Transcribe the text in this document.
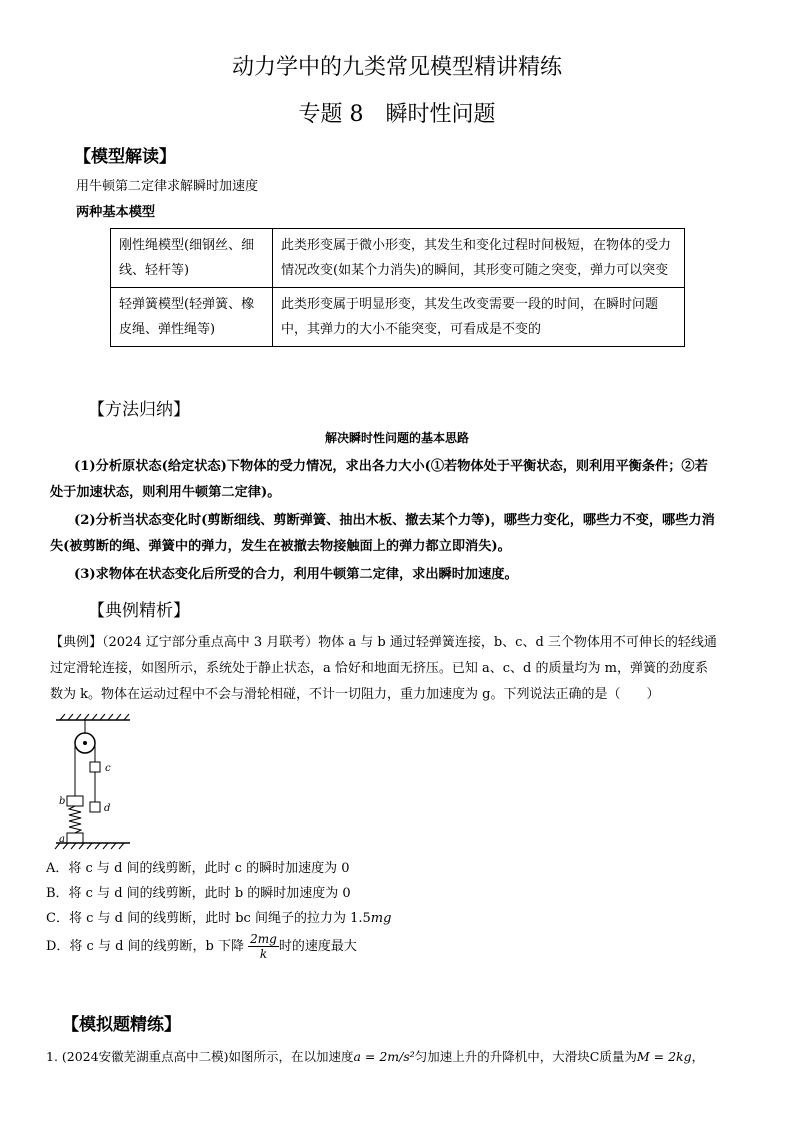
动力学中的九类常见模型精讲精练
专题 8　瞬时性问题
【模型解读】
用牛顿第二定律求解瞬时加速度
两种基本模型
刚性绳模型(细钢丝、细线、轻杆等)	此类形变属于微小形变，其发生和变化过程时间极短，在物体的受力情况改变(如某个力消失)的瞬间，其形变可随之突变，弹力可以突变
轻弹簧模型(轻弹簧、橡皮绳、弹性绳等)	此类形变属于明显形变，其发生改变需要一段的时间，在瞬时问题中，其弹力的大小不能突变，可看成是不变的
【方法归纳】
解决瞬时性问题的基本思路
(1)分析原状态(给定状态)下物体的受力情况，求出各力大小(①若物体处于平衡状态，则利用平衡条件；②若
处于加速状态，则利用牛顿第二定律)。
(2)分析当状态变化时(剪断细线、剪断弹簧、抽出木板、撤去某个力等)，哪些力变化，哪些力不变，哪些力消
失(被剪断的绳、弹簧中的弹力，发生在被撤去物接触面上的弹力都立即消失)。
(3)求物体在状态变化后所受的合力，利用牛顿第二定律，求出瞬时加速度。
【典例精析】
【典例】（2024 辽宁部分重点高中 3 月联考）物体 a 与 b 通过轻弹簧连接，b、c、d 三个物体用不可伸长的轻线通
过定滑轮连接，如图所示，系统处于静止状态，a 恰好和地面无挤压。已知 a、c、d 的质量均为 m，弹簧的劲度系
数为 k。物体在运动过程中不会与滑轮相碰，不计一切阻力，重力加速度为 g。下列说法正确的是（　　）
c
d
b
a
A．将 c 与 d 间的线剪断，此时 c 的瞬时加速度为 0
B．将 c 与 d 间的线剪断，此时 b 的瞬时加速度为 0
C．将 c 与 d 间的线剪断，此时 bc 间绳子的拉力为 1.5mg
D．将 c 与 d 间的线剪断，b 下降 $\frac{2mg}{k}$ 时的速度最大
【模拟题精练】
1. (2024安徽芜湖重点高中二模)如图所示，在以加速度a = 2m/s²匀加速上升的升降机中，大滑块C质量为M = 2kg，
